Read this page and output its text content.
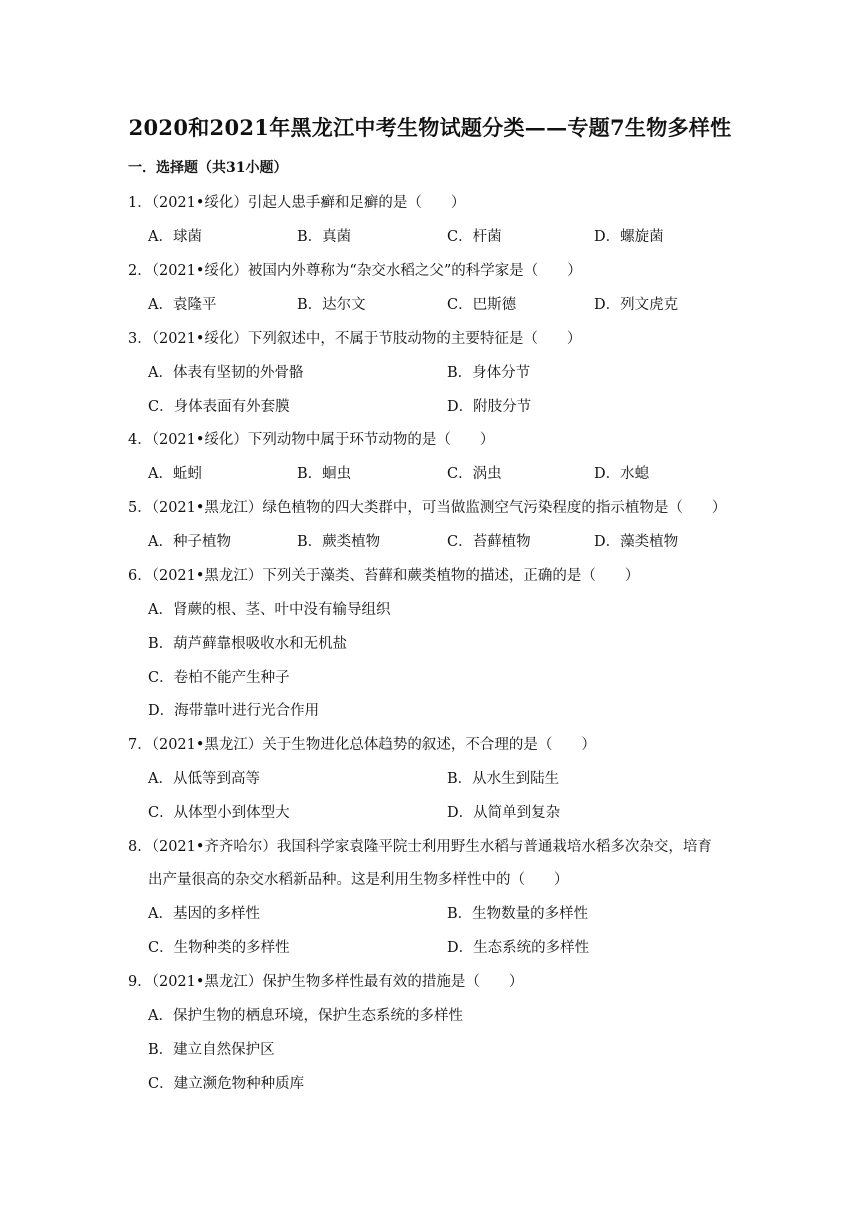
2020和2021年黑龙江中考生物试题分类——专题7生物多样性
一．选择题（共31小题）
1．（2021•绥化）引起人患手癣和足癣的是（　　）
A．球菌	B．真菌	C．杆菌	D．螺旋菌
2．（2021•绥化）被国内外尊称为“杂交水稻之父”的科学家是（　　）
A．袁隆平	B．达尔文	C．巴斯德	D．列文虎克
3．（2021•绥化）下列叙述中，不属于节肢动物的主要特征是（　　）
A．体表有坚韧的外骨骼	B．身体分节
C．身体表面有外套膜	D．附肢分节
4．（2021•绥化）下列动物中属于环节动物的是（　　）
A．蚯蚓	B．蛔虫	C．涡虫	D．水螅
5．（2021•黑龙江）绿色植物的四大类群中，可当做监测空气污染程度的指示植物是（　　）
A．种子植物	B．蕨类植物	C．苔藓植物	D．藻类植物
6．（2021•黑龙江）下列关于藻类、苔藓和蕨类植物的描述，正确的是（　　）
A．肾蕨的根、茎、叶中没有输导组织
B．葫芦藓靠根吸收水和无机盐
C．卷柏不能产生种子
D．海带靠叶进行光合作用
7．（2021•黑龙江）关于生物进化总体趋势的叙述，不合理的是（　　）
A．从低等到高等	B．从水生到陆生
C．从体型小到体型大	D．从简单到复杂
8．（2021•齐齐哈尔）我国科学家袁隆平院士利用野生水稻与普通栽培水稻多次杂交，培育
出产量很高的杂交水稻新品种。这是利用生物多样性中的（　　）
A．基因的多样性	B．生物数量的多样性
C．生物种类的多样性	D．生态系统的多样性
9．（2021•黑龙江）保护生物多样性最有效的措施是（　　）
A．保护生物的栖息环境，保护生态系统的多样性
B．建立自然保护区
C．建立濒危物种种质库
